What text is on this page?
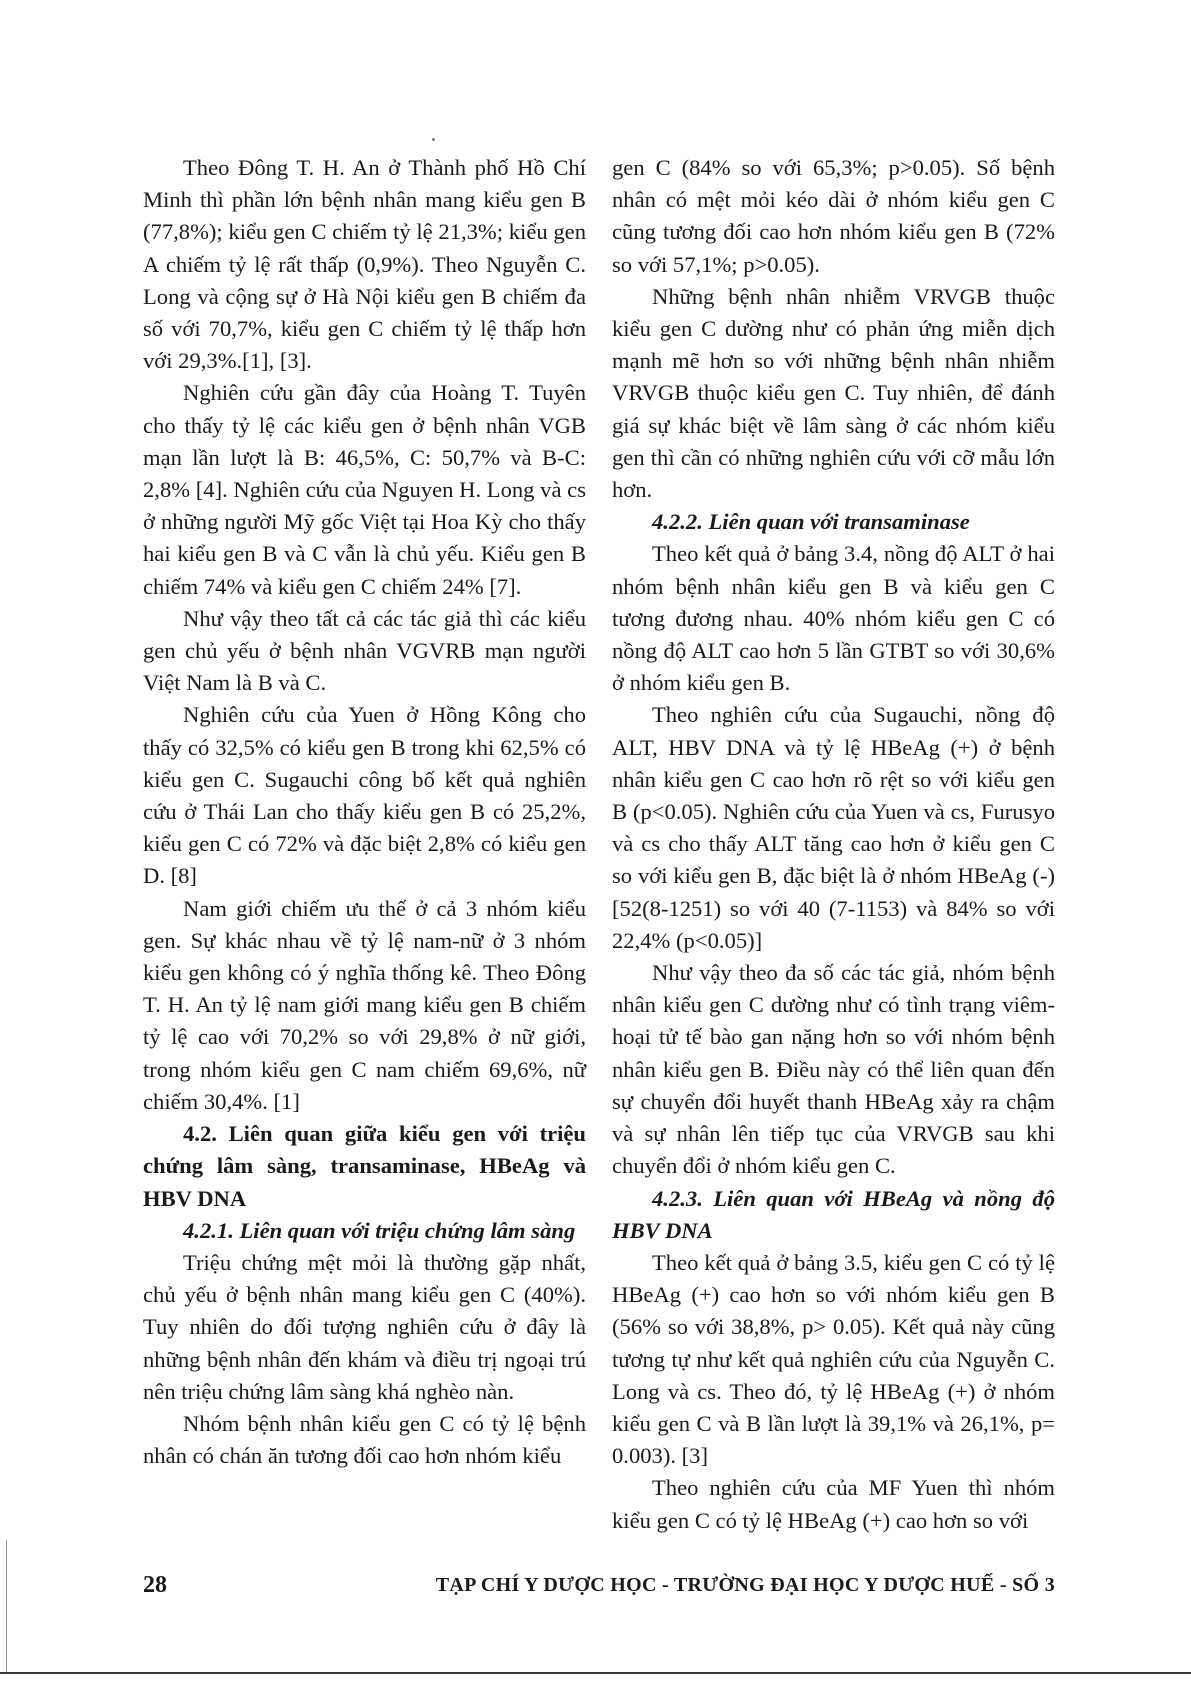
Theo Đông T. H. An ở Thành phố Hồ Chí Minh thì phần lớn bệnh nhân mang kiểu gen B (77,8%); kiểu gen C chiếm tỷ lệ 21,3%; kiểu gen A chiếm tỷ lệ rất thấp (0,9%). Theo Nguyễn C. Long và cộng sự ở Hà Nội kiểu gen B chiếm đa số với 70,7%, kiểu gen C chiếm tỷ lệ thấp hơn với 29,3%.[1], [3].

Nghiên cứu gần đây của Hoàng T. Tuyên cho thấy tỷ lệ các kiểu gen ở bệnh nhân VGB mạn lần lượt là B: 46,5%, C: 50,7% và B-C: 2,8% [4]. Nghiên cứu của Nguyen H. Long và cs ở những người Mỹ gốc Việt tại Hoa Kỳ cho thấy hai kiểu gen B và C vẫn là chủ yếu. Kiểu gen B chiếm 74% và kiểu gen C chiếm 24% [7].

Như vậy theo tất cả các tác giả thì các kiểu gen chủ yếu ở bệnh nhân VGVRB mạn người Việt Nam là B và C.

Nghiên cứu của Yuen ở Hồng Kông cho thấy có 32,5% có kiểu gen B trong khi 62,5% có kiểu gen C. Sugauchi công bố kết quả nghiên cứu ở Thái Lan cho thấy kiểu gen B có 25,2%, kiểu gen C có 72% và đặc biệt 2,8% có kiểu gen D. [8]

Nam giới chiếm ưu thế ở cả 3 nhóm kiểu gen. Sự khác nhau về tỷ lệ nam-nữ ở 3 nhóm kiểu gen không có ý nghĩa thống kê. Theo Đông T. H. An tỷ lệ nam giới mang kiểu gen B chiếm tỷ lệ cao với 70,2% so với 29,8% ở nữ giới, trong nhóm kiểu gen C nam chiếm 69,6%, nữ chiếm 30,4%. [1]

4.2. Liên quan giữa kiểu gen với triệu chứng lâm sàng, transaminase, HBeAg và HBV DNA
4.2.1. Liên quan với triệu chứng lâm sàng

Triệu chứng mệt mỏi là thường gặp nhất, chủ yếu ở bệnh nhân mang kiểu gen C (40%). Tuy nhiên do đối tượng nghiên cứu ở đây là những bệnh nhân đến khám và điều trị ngoại trú nên triệu chứng lâm sàng khá nghèo nàn.

Nhóm bệnh nhân kiểu gen C có tỷ lệ bệnh nhân có chán ăn tương đối cao hơn nhóm kiểu

gen C (84% so với 65,3%; p>0.05). Số bệnh nhân có mệt mỏi kéo dài ở nhóm kiểu gen C cũng tương đối cao hơn nhóm kiểu gen B (72% so với 57,1%; p>0.05).

Những bệnh nhân nhiễm VRVGB thuộc kiểu gen C dường như có phản ứng miễn dịch mạnh mẽ hơn so với những bệnh nhân nhiễm VRVGB thuộc kiểu gen C. Tuy nhiên, để đánh giá sự khác biệt về lâm sàng ở các nhóm kiểu gen thì cần có những nghiên cứu với cỡ mẫu lớn hơn.

4.2.2. Liên quan với transaminase

Theo kết quả ở bảng 3.4, nồng độ ALT ở hai nhóm bệnh nhân kiểu gen B và kiểu gen C tương đương nhau. 40% nhóm kiểu gen C có nồng độ ALT cao hơn 5 lần GTBT so với 30,6% ở nhóm kiểu gen B.

Theo nghiên cứu của Sugauchi, nồng độ ALT, HBV DNA và tỷ lệ HBeAg (+) ở bệnh nhân kiểu gen C cao hơn rõ rệt so với kiểu gen B (p<0.05). Nghiên cứu của Yuen và cs, Furusyo và cs cho thấy ALT tăng cao hơn ở kiểu gen C so với kiểu gen B, đặc biệt là ở nhóm HBeAg (-) [52(8-1251) so với 40 (7-1153) và 84% so với 22,4% (p<0.05)]

Như vậy theo đa số các tác giả, nhóm bệnh nhân kiểu gen C dường như có tình trạng viêm-hoại tử tế bào gan nặng hơn so với nhóm bệnh nhân kiểu gen B. Điều này có thể liên quan đến sự chuyển đổi huyết thanh HBeAg xảy ra chậm và sự nhân lên tiếp tục của VRVGB sau khi chuyển đổi ở nhóm kiểu gen C.

4.2.3. Liên quan với HBeAg và nồng độ HBV DNA

Theo kết quả ở bảng 3.5, kiểu gen C có tỷ lệ HBeAg (+) cao hơn so với nhóm kiểu gen B (56% so với 38,8%, p> 0.05). Kết quả này cũng tương tự như kết quả nghiên cứu của Nguyễn C. Long và cs. Theo đó, tỷ lệ HBeAg (+) ở nhóm kiểu gen C và B lần lượt là 39,1% và 26,1%, p= 0.003). [3]

Theo nghiên cứu của MF Yuen thì nhóm kiểu gen C có tỷ lệ HBeAg (+) cao hơn so với

28	TẠP CHÍ Y DƯỢC HỌC - TRƯỜNG ĐẠI HỌC Y DƯỢC HUẾ - SỐ 3
